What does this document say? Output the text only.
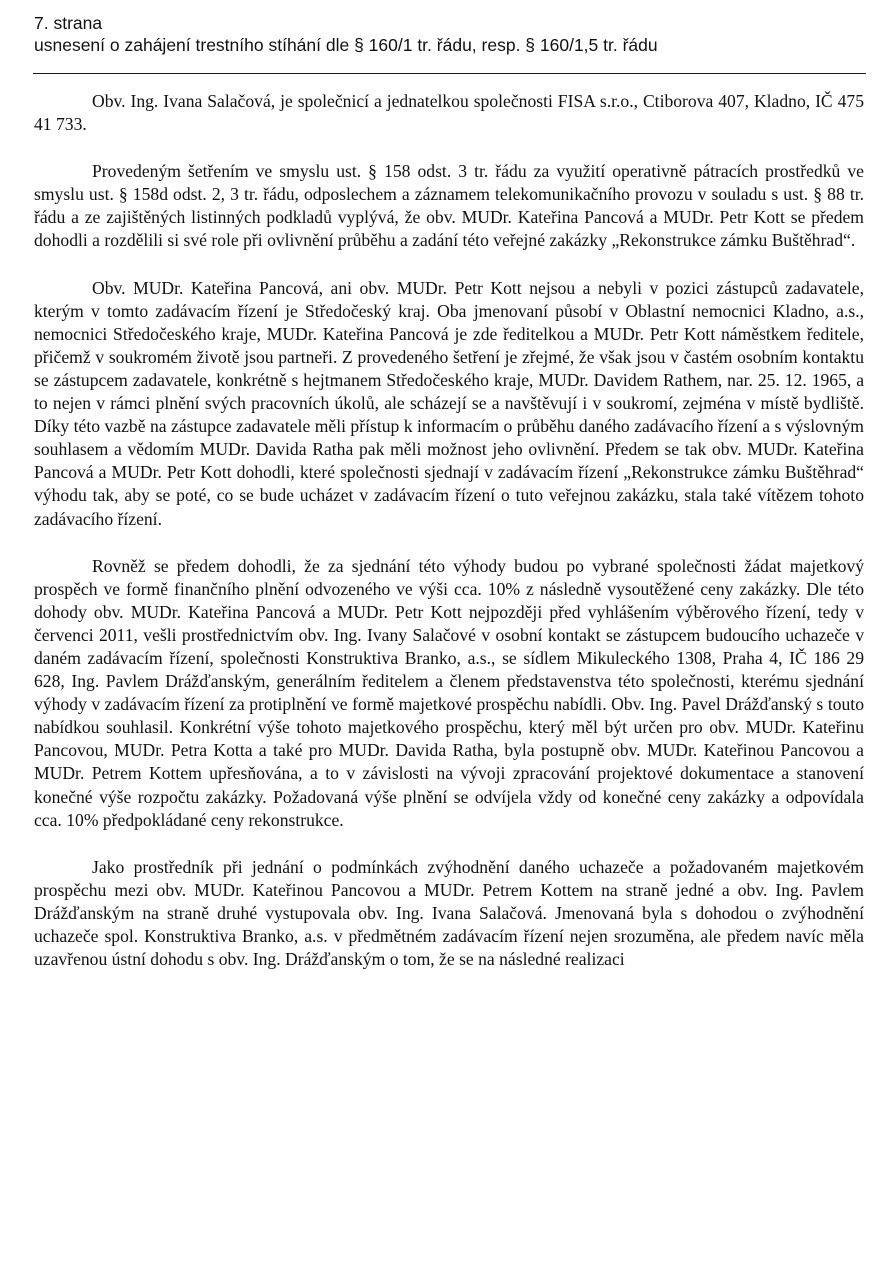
7. strana
usnesení o zahájení trestního stíhání dle § 160/1 tr. řádu, resp. § 160/1,5 tr. řádu

Obv. Ing. Ivana Salačová, je společnicí a jednatelkou společnosti FISA s.r.o., Ctiborova 407, Kladno, IČ 475 41 733.

Provedeným šetřením ve smyslu ust. § 158 odst. 3 tr. řádu za využití operativně pátracích prostředků ve smyslu ust. § 158d odst. 2, 3 tr. řádu, odposlechem a záznamem telekomunikačního provozu v souladu s ust. § 88 tr. řádu a ze zajištěných listinných podkladů vyplývá, že obv. MUDr. Kateřina Pancová a MUDr. Petr Kott se předem dohodli a rozdělili si své role při ovlivnění průběhu a zadání této veřejné zakázky „Rekonstrukce zámku Buštěhrad“.

Obv. MUDr. Kateřina Pancová, ani obv. MUDr. Petr Kott nejsou a nebyli v pozici zástupců zadavatele, kterým v tomto zadávacím řízení je Středočeský kraj. Oba jmenovaní působí v Oblastní nemocnici Kladno, a.s., nemocnici Středočeského kraje, MUDr. Kateřina Pancová je zde ředitelkou a MUDr. Petr Kott náměstkem ředitele, přičemž v soukromém životě jsou partneři. Z provedeného šetření je zřejmé, že však jsou v častém osobním kontaktu se zástupcem zadavatele, konkrétně s hejtmanem Středočeského kraje, MUDr. Davidem Rathem, nar. 25. 12. 1965, a to nejen v rámci plnění svých pracovních úkolů, ale scházejí se a navštěvují i v soukromí, zejména v místě bydliště. Díky této vazbě na zástupce zadavatele měli přístup k informacím o průběhu daného zadávacího řízení a s výslovným souhlasem a vědomím MUDr. Davida Ratha pak měli možnost jeho ovlivnění. Předem se tak obv. MUDr. Kateřina Pancová a MUDr. Petr Kott dohodli, které společnosti sjednají v zadávacím řízení „Rekonstrukce zámku Buštěhrad“ výhodu tak, aby se poté, co se bude ucházet v zadávacím řízení o tuto veřejnou zakázku, stala také vítězem tohoto zadávacího řízení.

Rovněž se předem dohodli, že za sjednání této výhody budou po vybrané společnosti žádat majetkový prospěch ve formě finančního plnění odvozeného ve výši cca. 10% z následně vysoutěžené ceny zakázky. Dle této dohody obv. MUDr. Kateřina Pancová a MUDr. Petr Kott nejpozději před vyhlášením výběrového řízení, tedy v červenci 2011, vešli prostřednictvím obv. Ing. Ivany Salačové v osobní kontakt se zástupcem budoucího uchazeče v daném zadávacím řízení, společnosti Konstruktiva Branko, a.s., se sídlem Mikuleckého 1308, Praha 4, IČ 186 29 628, Ing. Pavlem Drážďanským, generálním ředitelem a členem představenstva této společnosti, kterému sjednání výhody v zadávacím řízení za protiplnění ve formě majetkové prospěchu nabídli. Obv. Ing. Pavel Drážďanský s touto nabídkou souhlasil. Konkrétní výše tohoto majetkového prospěchu, který měl být určen pro obv. MUDr. Kateřinu Pancovou, MUDr. Petra Kotta a také pro MUDr. Davida Ratha, byla postupně obv. MUDr. Kateřinou Pancovou a MUDr. Petrem Kottem upřesňována, a to v závislosti na vývoji zpracování projektové dokumentace a stanovení konečné výše rozpočtu zakázky. Požadovaná výše plnění se odvíjela vždy od konečné ceny zakázky a odpovídala cca. 10% předpokládané ceny rekonstrukce.

Jako prostředník při jednání o podmínkách zvýhodnění daného uchazeče a požadovaném majetkovém prospěchu mezi obv. MUDr. Kateřinou Pancovou a MUDr. Petrem Kottem na straně jedné a obv. Ing. Pavlem Drážďanským na straně druhé vystupovala obv. Ing. Ivana Salačová. Jmenovaná byla s dohodou o zvýhodnění uchazeče spol. Konstruktiva Branko, a.s. v předmětném zadávacím řízení nejen srozuměna, ale předem navíc měla uzavřenou ústní dohodu s obv. Ing. Drážďanským o tom, že se na následné realizaci
